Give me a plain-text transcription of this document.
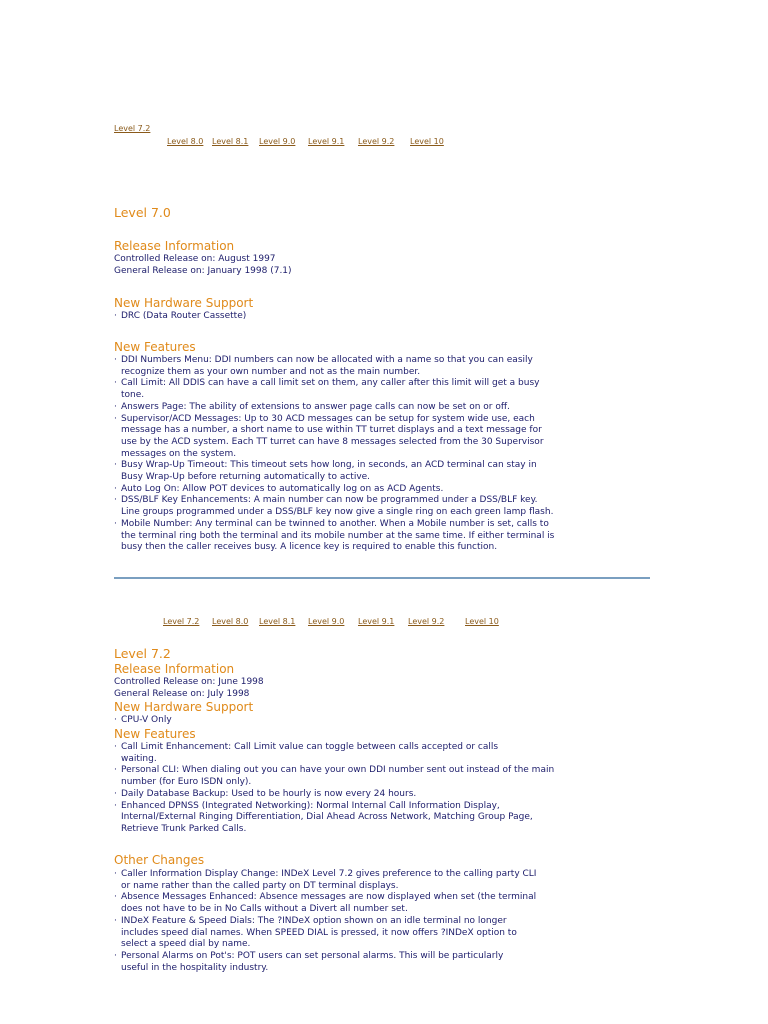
Level 7.2
Level 8.0 Level 8.1 Level 9.0 Level 9.1 Level 9.2 Level 10
Level 7.0
Release Information
Controlled Release on: August 1997
General Release on: January 1998 (7.1)
New Hardware Support
· DRC (Data Router Cassette)
New Features
· DDI Numbers Menu: DDI numbers can now be allocated with a name so that you can easily recognize them as your own number and not as the main number.
· Call Limit: All DDIS can have a call limit set on them, any caller after this limit will get a busy tone.
· Answers Page: The ability of extensions to answer page calls can now be set on or off.
· Supervisor/ACD Messages: Up to 30 ACD messages can be setup for system wide use, each message has a number, a short name to use within TT turret displays and a text message for use by the ACD system. Each TT turret can have 8 messages selected from the 30 Supervisor messages on the system.
· Busy Wrap-Up Timeout: This timeout sets how long, in seconds, an ACD terminal can stay in Busy Wrap-Up before returning automatically to active.
· Auto Log On: Allow POT devices to automatically log on as ACD Agents.
· DSS/BLF Key Enhancements: A main number can now be programmed under a DSS/BLF key. Line groups programmed under a DSS/BLF key now give a single ring on each green lamp flash.
· Mobile Number: Any terminal can be twinned to another. When a Mobile number is set, calls to the terminal ring both the terminal and its mobile number at the same time. If either terminal is busy then the caller receives busy. A licence key is required to enable this function.
Level 7.2 Level 8.0 Level 8.1 Level 9.0 Level 9.1 Level 9.2	Level 10
Level 7.2
Release Information
Controlled Release on: June 1998
General Release on: July 1998
New Hardware Support
· CPU-V Only
New Features
· Call Limit Enhancement: Call Limit value can toggle between calls accepted or calls waiting.
· Personal CLI: When dialing out you can have your own DDI number sent out instead of the main number (for Euro ISDN only).
· Daily Database Backup: Used to be hourly is now every 24 hours.
· Enhanced DPNSS (Integrated Networking): Normal Internal Call Information Display, Internal/External Ringing Differentiation, Dial Ahead Across Network, Matching Group Page, Retrieve Trunk Parked Calls.
Other Changes
· Caller Information Display Change: INDeX Level 7.2 gives preference to the calling party CLI or name rather than the called party on DT terminal displays.
· Absence Messages Enhanced: Absence messages are now displayed when set (the terminal does not have to be in No Calls without a Divert all number set.
· INDeX Feature & Speed Dials: The ?INDeX option shown on an idle terminal no longer includes speed dial names. When SPEED DIAL is pressed, it now offers ?INDeX option to select a speed dial by name.
· Personal Alarms on Pot's: POT users can set personal alarms. This will be particularly useful in the hospitality industry.
